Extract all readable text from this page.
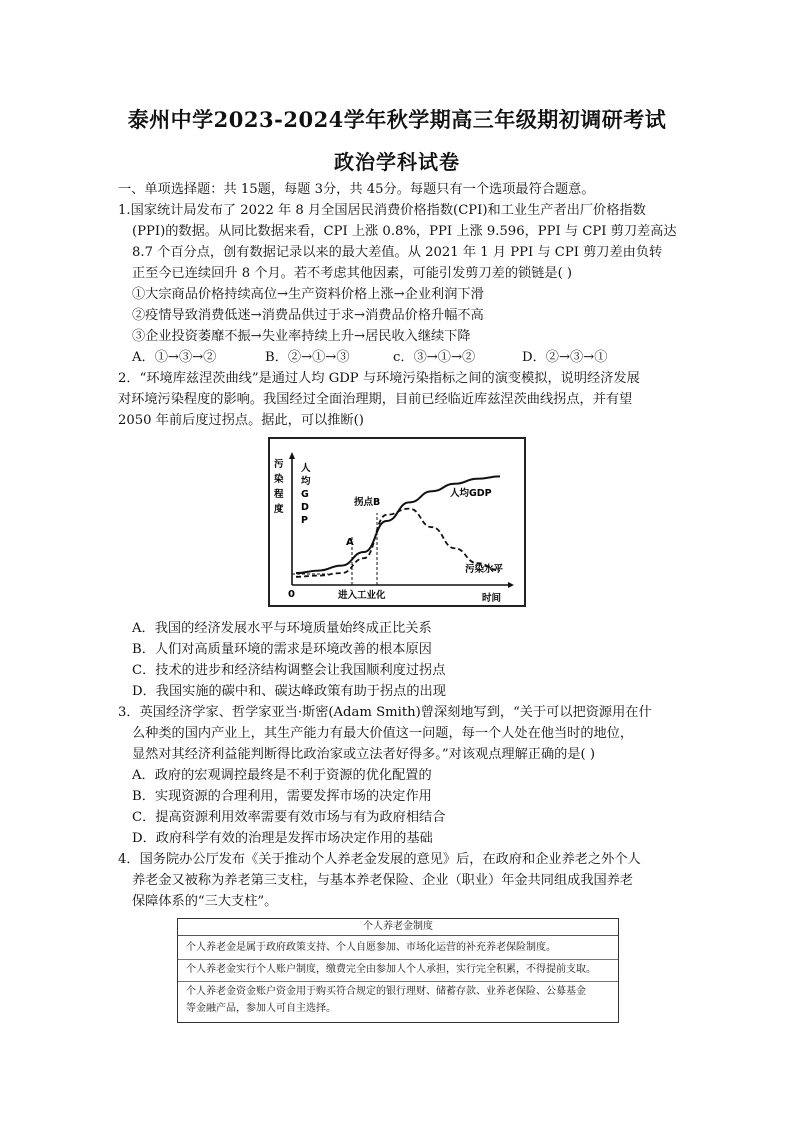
泰州中学2023-2024学年秋学期高三年级期初调研考试
政治学科试卷
一、单项选择题：共 15题，每题 3分，共 45分。每题只有一个选项最符合题意。
1.国家统计局发布了 2022 年 8 月全国居民消费价格指数(CPI)和工业生产者出厂价格指数
(PPI)的数据。从同比数据来看，CPI 上涨 0.8%，PPI 上涨 9.596，PPI 与 CPI 剪刀差高达
8.7 个百分点，创有数据记录以来的最大差值。从 2021 年 1 月 PPI 与 CPI 剪刀差由负转
正至今已连续回升 8 个月。若不考虑其他因素，可能引发剪刀差的锁链是( )
①大宗商品价格持续高位→生产资料价格上涨→企业利润下滑
②疫情导致消费低迷→消费品供过于求→消费品价格升幅不高
③企业投资萎靡不振→失业率持续上升→居民收入继续下降
A．①→③→②	B．②→①→③	c．③→①→②	D．②→③→①
2．“环境库兹涅茨曲线”是通过人均 GDP 与环境污染指标之间的演变模拟，说明经济发展
对环境污染程度的影响。我国经过全面治理期，目前已经临近库兹涅茨曲线拐点，并有望
2050 年前后度过拐点。据此，可以推断()
污染程度
人均 G D P
0	进入工业化	时间
A
拐点B
人均GDP
污染水平
A．我国的经济发展水平与环境质量始终成正比关系
B．人们对高质量环境的需求是环境改善的根本原因
C．技术的进步和经济结构调整会让我国顺利度过拐点
D．我国实施的碳中和、碳达峰政策有助于拐点的出现
3．英国经济学家、哲学家亚当·斯密(Adam Smith)曾深刻地写到，“关于可以把资源用在什
么种类的国内产业上，其生产能力有最大价值这一问题，每一个人处在他当时的地位，
显然对其经济利益能判断得比政治家或立法者好得多。”对该观点理解正确的是( )
A．政府的宏观调控最终是不利于资源的优化配置的
B．实现资源的合理利用，需要发挥市场的决定作用
C．提高资源利用效率需要有效市场与有为政府相结合
D．政府科学有效的治理是发挥市场决定作用的基础
4．国务院办公厅发布《关于推动个人养老金发展的意见》后，在政府和企业养老之外个人
养老金又被称为养老第三支柱，与基本养老保险、企业（职业）年金共同组成我国养老
保障体系的“三大支柱”。
个人养老金制度
个人养老金是属于政府政策支持、个人自愿参加、市场化运营的补充养老保险制度。
个人养老金实行个人账户制度，缴费完全由参加人个人承担，实行完全积累，不得提前支取。
个人养老金资金账户资金用于购买符合规定的银行理财、储蓄存款、业养老保险、公募基金
等金融产品，参加人可自主选择。
